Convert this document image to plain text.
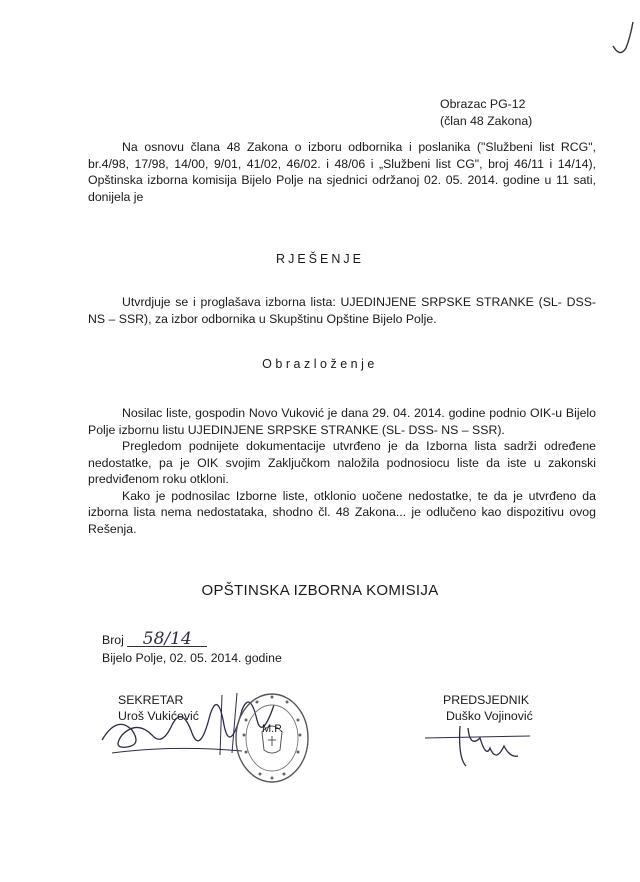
Obrazac PG-12
(član 48 Zakona)
Na osnovu člana 48 Zakona o izboru odbornika i poslanika ("Službeni list RCG", br.4/98, 17/98, 14/00, 9/01, 41/02, 46/02. i 48/06 i „Službeni list CG", broj 46/11 i 14/14), Opštinska izborna komisija Bijelo Polje na sjednici održanoj 02. 05. 2014. godine u 11 sati, donijela je
RJEŠENJE
Utvrdjuje se i proglašava izborna lista: UJEDINJENE SRPSKE STRANKE (SL- DSS- NS – SSR), za izbor odbornika u Skupštinu Opštine Bijelo Polje.
Obrazloženje
Nosilac liste, gospodin Novo Vuković je dana 29. 04. 2014. godine podnio OIK-u Bijelo Polje izbornu listu UJEDINJENE SRPSKE STRANKE (SL- DSS- NS – SSR).
Pregledom podnijete dokumentacije utvrđeno je da Izborna lista sadrži određene nedostatke, pa je OIK svojim Zaključkom naložila podnosiocu liste da iste u zakonski predviđenom roku otkloni.
Kako je podnosilac Izborne liste, otklonio uočene nedostatke, te da je utvrđeno da izborna lista nema nedostataka, shodno čl. 48 Zakona... je odlučeno kao dispozitivu ovog Rešenja.
OPŠTINSKA IZBORNA KOMISIJA
Broj 58/14
Bijelo Polje, 02. 05. 2014. godine
SEKRETAR
Uroš Vukićević
M.P.
PREDSJEDNIK
Duško Vojinović
